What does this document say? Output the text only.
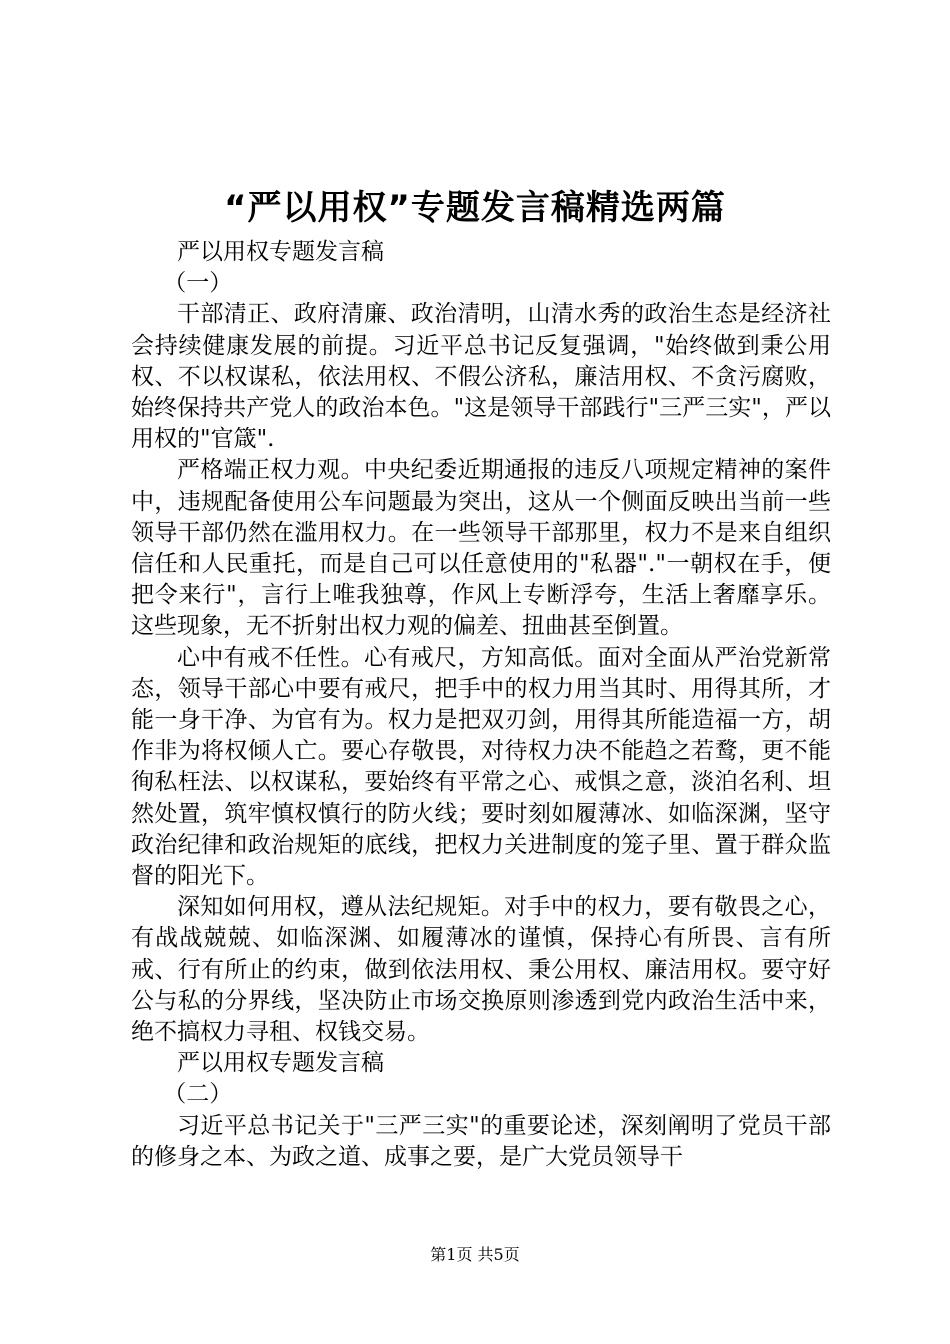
“严以用权”专题发言稿精选两篇

严以用权专题发言稿

（一）

干部清正、政府清廉、政治清明，山清水秀的政治生态是经济社会持续健康发展的前提。习近平总书记反复强调，"始终做到秉公用权、不以权谋私，依法用权、不假公济私，廉洁用权、不贪污腐败，始终保持共产党人的政治本色。"这是领导干部践行"三严三实"，严以用权的"官箴".

严格端正权力观。中央纪委近期通报的违反八项规定精神的案件中，违规配备使用公车问题最为突出，这从一个侧面反映出当前一些领导干部仍然在滥用权力。在一些领导干部那里，权力不是来自组织信任和人民重托，而是自己可以任意使用的"私器"."一朝权在手，便把令来行"，言行上唯我独尊，作风上专断浮夸，生活上奢靡享乐。这些现象，无不折射出权力观的偏差、扭曲甚至倒置。

心中有戒不任性。心有戒尺，方知高低。面对全面从严治党新常态，领导干部心中要有戒尺，把手中的权力用当其时、用得其所，才能一身干净、为官有为。权力是把双刃剑，用得其所能造福一方，胡作非为将权倾人亡。要心存敬畏，对待权力决不能趋之若鹜，更不能徇私枉法、以权谋私，要始终有平常之心、戒惧之意，淡泊名利、坦然处置，筑牢慎权慎行的防火线；要时刻如履薄冰、如临深渊，坚守政治纪律和政治规矩的底线，把权力关进制度的笼子里、置于群众监督的阳光下。

深知如何用权，遵从法纪规矩。对手中的权力，要有敬畏之心，有战战兢兢、如临深渊、如履薄冰的谨慎，保持心有所畏、言有所戒、行有所止的约束，做到依法用权、秉公用权、廉洁用权。要守好公与私的分界线，坚决防止市场交换原则渗透到党内政治生活中来，绝不搞权力寻租、权钱交易。

严以用权专题发言稿

（二）

习近平总书记关于"三严三实"的重要论述，深刻阐明了党员干部的修身之本、为政之道、成事之要，是广大党员领导干

第1页 共5页
